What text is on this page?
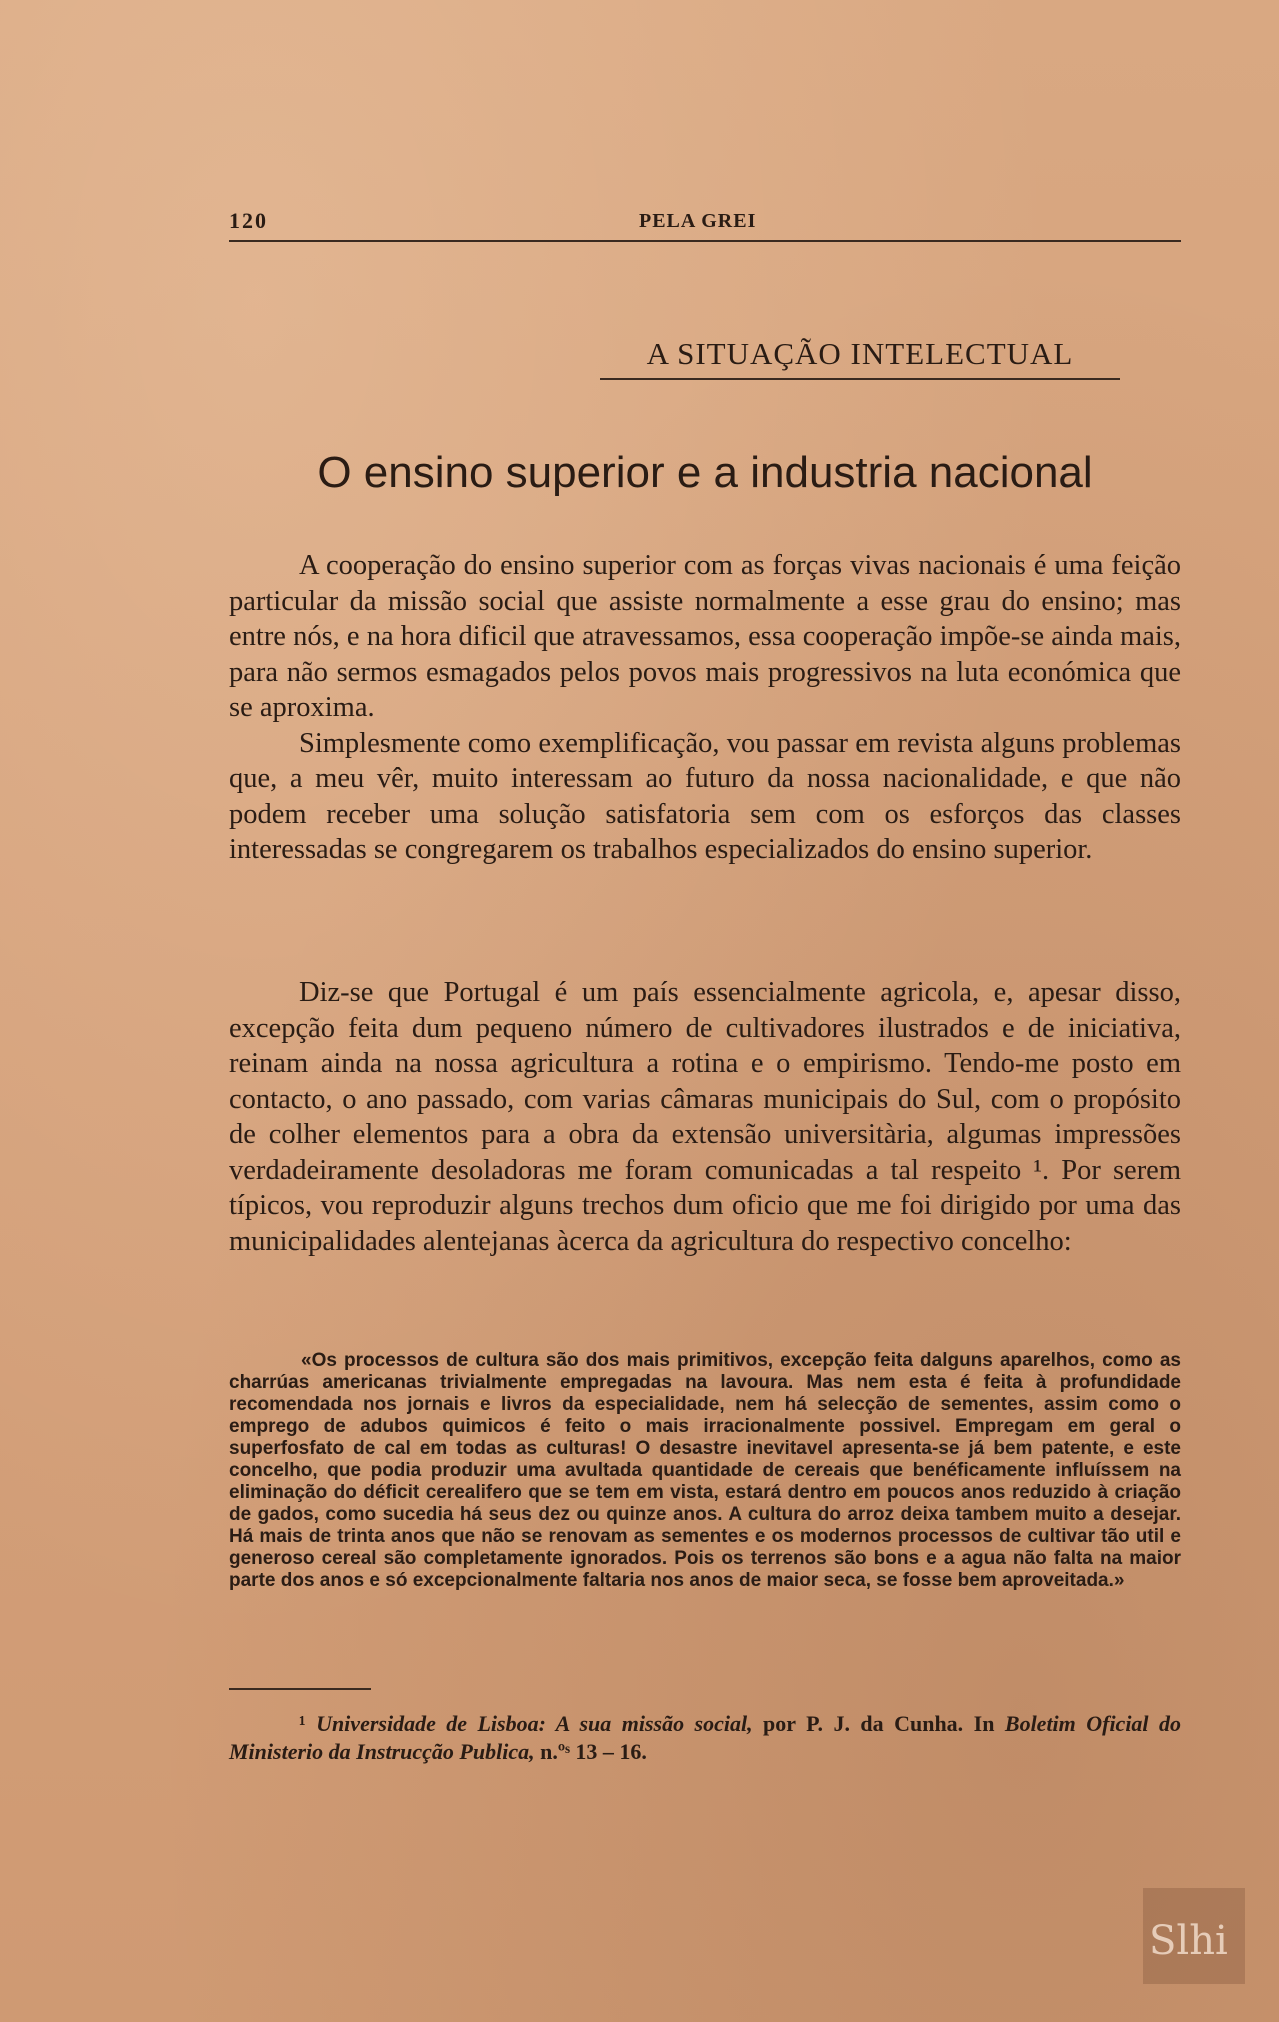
120	PELA GREI
A SITUAÇÃO INTELECTUAL
O ensino superior e a industria nacional

A cooperação do ensino superior com as forças vivas nacionais é uma feição particular da missão social que assiste normalmente a esse grau do ensino; mas entre nós, e na hora dificil que atravessamos, essa cooperação impõe-se ainda mais, para não sermos esmagados pelos povos mais progressivos na luta económica que se aproxima.

Simplesmente como exemplificação, vou passar em revista alguns problemas que, a meu vêr, muito interessam ao futuro da nossa nacionalidade, e que não podem receber uma solução satisfatoria sem com os esforços das classes interessadas se congregarem os trabalhos especializados do ensino superior.

Diz-se que Portugal é um país essencialmente agricola, e, apesar disso, excepção feita dum pequeno número de cultivadores ilustrados e de iniciativa, reinam ainda na nossa agricultura a rotina e o empirismo. Tendo-me posto em contacto, o ano passado, com varias câmaras municipais do Sul, com o propósito de colher elementos para a obra da extensão universitària, algumas impressões verdadeiramente desoladoras me foram comunicadas a tal respeito ¹. Por serem típicos, vou reproduzir alguns trechos dum oficio que me foi dirigido por uma das municipalidades alentejanas àcerca da agricultura do respectivo concelho:

«Os processos de cultura são dos mais primitivos, excepção feita dalguns aparelhos, como as charrúas americanas trivialmente empregadas na lavoura. Mas nem esta é feita à profundidade recomendada nos jornais e livros da especialidade, nem há selecção de sementes, assim como o emprego de adubos quimicos é feito o mais irracionalmente possivel. Empregam em geral o superfosfato de cal em todas as culturas! O desastre inevitavel apresenta-se já bem patente, e este concelho, que podia produzir uma avultada quantidade de cereais que benéficamente influíssem na eliminação do déficit cerealifero que se tem em vista, estará dentro em poucos anos reduzido à criação de gados, como sucedia há seus dez ou quinze anos. A cultura do arroz deixa tambem muito a desejar. Há mais de trinta anos que não se renovam as sementes e os modernos processos de cultivar tão util e generoso cereal são completamente ignorados. Pois os terrenos são bons e a agua não falta na maior parte dos anos e só excepcionalmente faltaria nos anos de maior seca, se fosse bem aproveitada.»

¹ Universidade de Lisboa: A sua missão social, por P. J. da Cunha. In Boletim Oficial do Ministerio da Instrucção Publica, n.ºˢ 13 – 16.

Slhi
